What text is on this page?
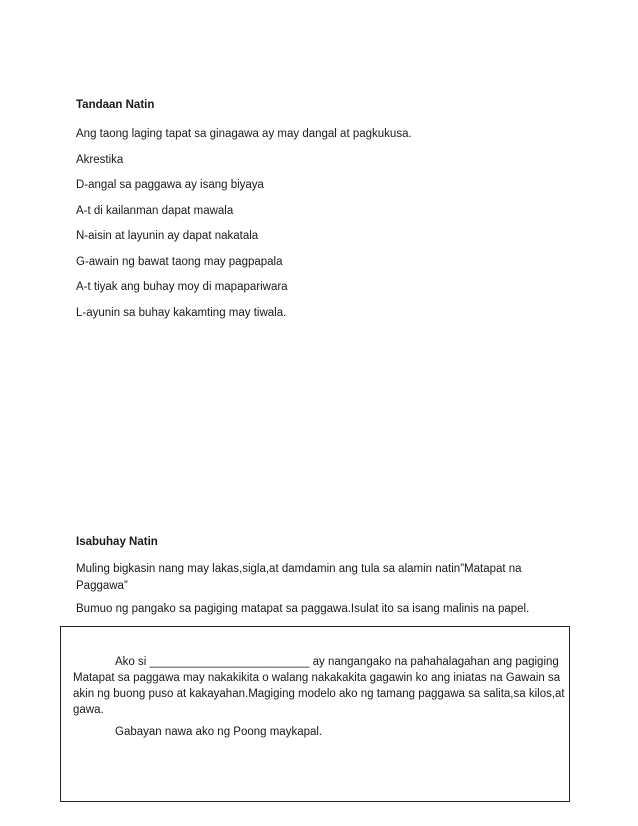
Tandaan Natin
Ang taong laging tapat sa ginagawa ay may dangal at pagkukusa.
Akrestika
D-angal sa paggawa ay isang biyaya
A-t di kailanman dapat mawala
N-aisin at layunin ay dapat nakatala
G-awain ng bawat taong may pagpapala
A-t tiyak ang buhay moy di mapapariwara
L-ayunin sa buhay kakamting may tiwala.
Isabuhay Natin
Muling bigkasin nang may lakas,sigla,at damdamin ang tula sa alamin natin”Matapat na Paggawa”
Bumuo ng pangako sa pagiging matapat sa paggawa.Isulat ito sa isang malinis na papel.
Ako si _________________________ ay nangangako na pahahalagahan ang pagiging Matapat sa paggawa may nakakikita o walang nakakakita gagawin ko ang iniatas na Gawain sa akin ng buong puso at kakayahan.Magiging modelo ako ng tamang paggawa sa salita,sa kilos,at gawa.
Gabayan nawa ako ng Poong maykapal.
